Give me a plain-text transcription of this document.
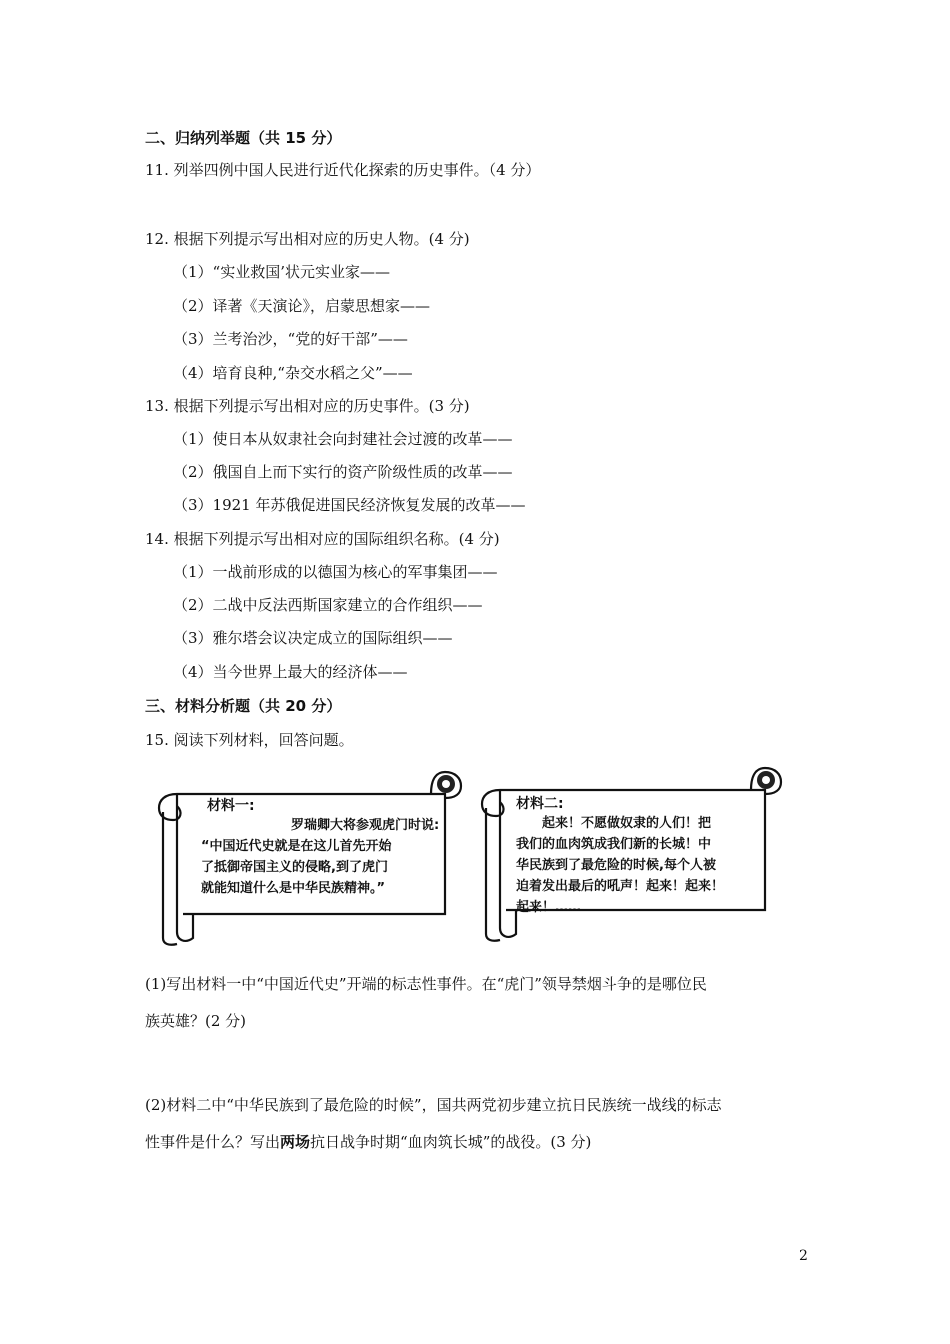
二、归纳列举题（共 15 分）
11. 列举四例中国人民进行近代化探索的历史事件。（4 分）
12. 根据下列提示写出相对应的历史人物。(4 分)
（1）“实业救国’状元实业家——
（2）译著《天演论》，启蒙思想家——
（3）兰考治沙，“党的好干部”——
（4）培育良种,“杂交水稻之父”——
13. 根据下列提示写出相对应的历史事件。(3 分)
（1）使日本从奴隶社会向封建社会过渡的改革——
（2）俄国自上而下实行的资产阶级性质的改革——
（3）1921 年苏俄促进国民经济恢复发展的改革——
14. 根据下列提示写出相对应的国际组织名称。(4 分)
（1）一战前形成的以德国为核心的军事集团——
（2）二战中反法西斯国家建立的合作组织——
（3）雅尔塔会议决定成立的国际组织——
（4）当今世界上最大的经济体——
三、材料分析题（共 20 分）
15. 阅读下列材料，回答问题。
材料一:
罗瑞卿大将参观虎门时说:
“中国近代史就是在这儿首先开始
了抵御帝国主义的侵略,到了虎门
就能知道什么是中华民族精神。”
材料二:
起来！不愿做奴隶的人们！把
我们的血肉筑成我们新的长城！中
华民族到了最危险的时候,每个人被
迫着发出最后的吼声！起来！起来！
起来！……
(1)写出材料一中“中国近代史”开端的标志性事件。在“虎门”领导禁烟斗争的是哪位民
族英雄？(2 分)
(2)材料二中“中华民族到了最危险的时候”，国共两党初步建立抗日民族统一战线的标志
性事件是什么？写出两场抗日战争时期“血肉筑长城”的战役。(3 分)
2
